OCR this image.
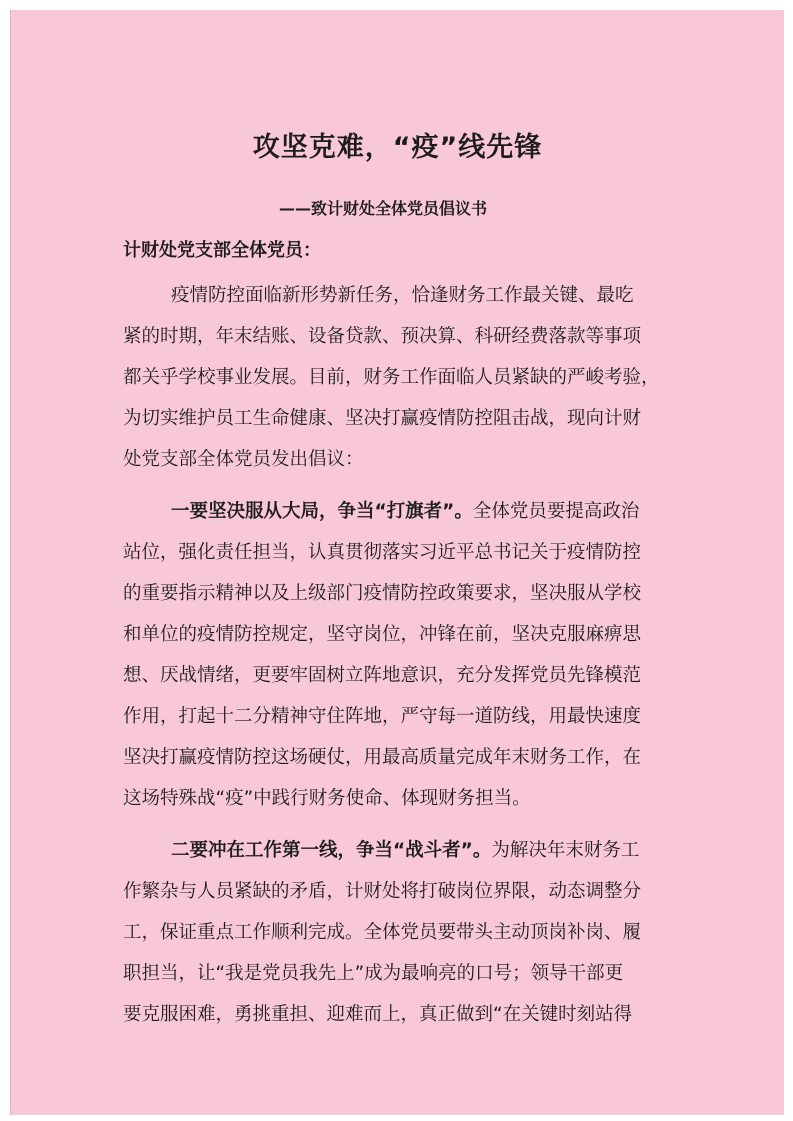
攻坚克难，“疫”线先锋
——致计财处全体党员倡议书
计财处党支部全体党员：
疫情防控面临新形势新任务，恰逢财务工作最关键、最吃
紧的时期，年末结账、设备贷款、预决算、科研经费落款等事项
都关乎学校事业发展。目前，财务工作面临人员紧缺的严峻考验，
为切实维护员工生命健康、坚决打赢疫情防控阻击战，现向计财
处党支部全体党员发出倡议：
一要坚决服从大局，争当“打旗者”。全体党员要提高政治
站位，强化责任担当，认真贯彻落实习近平总书记关于疫情防控
的重要指示精神以及上级部门疫情防控政策要求，坚决服从学校
和单位的疫情防控规定，坚守岗位，冲锋在前，坚决克服麻痹思
想、厌战情绪，更要牢固树立阵地意识，充分发挥党员先锋模范
作用，打起十二分精神守住阵地，严守每一道防线，用最快速度
坚决打赢疫情防控这场硬仗，用最高质量完成年末财务工作，在
这场特殊战“疫”中践行财务使命、体现财务担当。
二要冲在工作第一线，争当“战斗者”。为解决年末财务工
作繁杂与人员紧缺的矛盾，计财处将打破岗位界限，动态调整分
工，保证重点工作顺利完成。全体党员要带头主动顶岗补岗、履
职担当，让“我是党员我先上”成为最响亮的口号；领导干部更
要克服困难，勇挑重担、迎难而上，真正做到“在关键时刻站得
